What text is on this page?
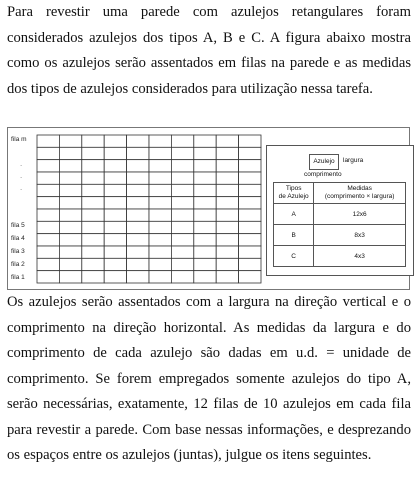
Para revestir uma parede com azulejos retangulares foram considerados azulejos dos tipos A, B e C. A figura abaixo mostra como os azulejos serão assentados em filas na parede e as medidas dos tipos de azulejos considerados para utilização nessa tarefa.

fila m
·
·
·
fila 5
fila 4
fila 3
fila 2
fila 1
Azulejo	largura
comprimento
Tipos
de Azulejo	Medidas
(comprimento × largura)
A	12x6
B	8x3
C	4x3

Os azulejos serão assentados com a largura na direção vertical e o comprimento na direção horizontal. As medidas da largura e do comprimento de cada azulejo são dadas em u.d. = unidade de comprimento. Se forem empregados somente azulejos do tipo A, serão necessárias, exatamente, 12 filas de 10 azulejos em cada fila para revestir a parede. Com base nessas informações, e desprezando os espaços entre os azulejos (juntas), julgue os itens seguintes.
